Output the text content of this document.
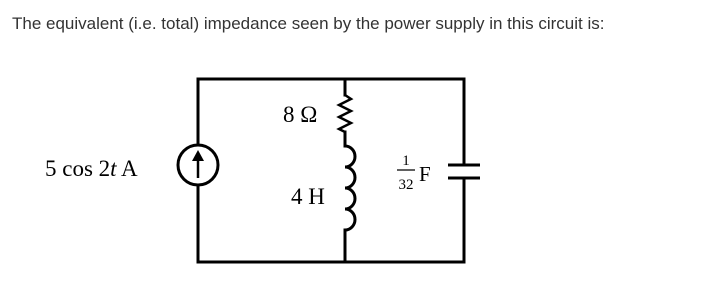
The equivalent (i.e. total) impedance seen by the power supply in this circuit is:
5 cos 2t A
8 Ω
4 H
1
32 F
